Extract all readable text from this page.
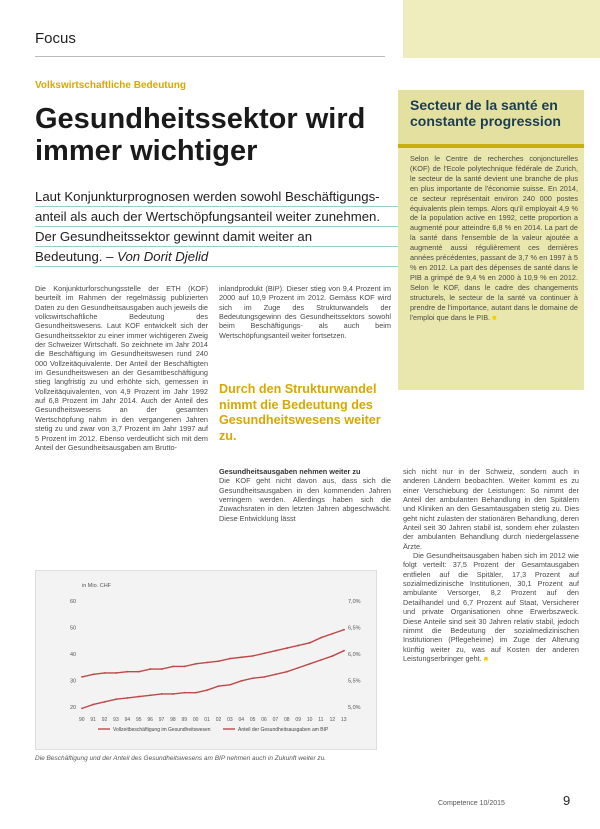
Focus
Volkswirtschaftliche Bedeutung
Gesundheitssektor wird immer wichtiger
Laut Konjunkturprognosen werden sowohl Beschäftigungs-
anteil als auch der Wertschöpfungsanteil weiter zunehmen.
Der Gesundheitssektor gewinnt damit weiter an
Bedeutung. – Von Dorit Djelid

Die Konjunkturforschungsstelle der ETH (KOF) beurteilt im Rahmen der regelmässig publizierten Daten zu den Gesundheitsausgaben auch jeweils die volkswirtschaftliche Bedeutung des Gesundheitswesens. Laut KOF entwickelt sich der Gesundheitssektor zu einer immer wichtigeren Zweig der Schweizer Wirtschaft. So zeichnete im Jahr 2014 die Beschäftigung im Gesundheitswesen rund 240 000 Vollzeitäquivalente. Der Anteil der Beschäftigten im Gesundheitswesen an der Gesamtbeschäftigung stieg langfristig zu und erhöhte sich, gemessen in Vollzeitäquivalenten, von 4,9 Prozent im Jahr 1992 auf 6,8 Prozent im Jahr 2014. Auch der Anteil des Gesundheitswesens an der gesamten Wertschöpfung nahm in den vergangenen Jahren stetig zu und zwar von 3,7 Prozent im Jahr 1997 auf 5 Prozent im 2012. Ebenso verdeutlicht sich mit dem Anteil der Gesundheitsausgaben am Brutto-

inlandprodukt (BIP). Dieser stieg von 9,4 Prozent im 2000 auf 10,9 Prozent im 2012. Gemäss KOF wird sich im Zuge des Strukturwandels der Bedeutungsgewinn des Gesundheitssektors sowohl beim Beschäftigungs- als auch beim Wertschöpfungsanteil weiter fortsetzen.

Durch den Strukturwandel nimmt die Bedeutung des Gesundheitswesens weiter zu.

Gesundheitsausgaben nehmen weiter zu

Die KOF geht nicht davon aus, dass sich die Gesundheitsausgaben in den kommenden Jahren verringern werden. Allerdings haben sich die Zuwachsraten in den letzten Jahren abgeschwächt. Diese Entwicklung lässt

Secteur de la santé en constante progression
Selon le Centre de recherches conjoncturelles (KOF) de l'Ecole polytechnique fédérale de Zurich, le secteur de la santé devient une branche de plus en plus importante de l'économie suisse. En 2014, ce secteur représentait environ 240 000 postes équivalents plein temps. Alors qu'il employait 4,9 % de la population active en 1992, cette proportion a augmenté pour atteindre 6,8 % en 2014. La part de la santé dans l'ensemble de la valeur ajoutée a augmenté aussi régulièrement ces dernières années précédentes, passant de 3,7 % en 1997 à 5 % en 2012. La part des dépenses de santé dans le PIB a grimpé de 9,4 % en 2000 à 10,9 % en 2012. Selon le KOF, dans le cadre des changements structurels, le secteur de la santé va continuer à prendre de l'importance, autant dans le domaine de l'emploi que dans le PIB. ■

sich nicht nur in der Schweiz, sondern auch in anderen Ländern beobachten. Weiter kommt es zu einer Verschiebung der Leistungen: So nimmt der Anteil der ambulanten Behandlung in den Spitälern und Kliniken an den Gesamtausgaben stetig zu. Dies geht nicht zulasten der stationären Behandlung, deren Anteil seit 30 Jahren stabil ist, sondern eher zulasten der ambulanten Behandlung durch niedergelassene Ärzte.

Die Gesundheitsausgaben haben sich im 2012 wie folgt verteilt: 37,5 Prozent der Gesamtausgaben entfielen auf die Spitäler, 17,3 Prozent auf sozialmedizinische Institutionen, 30,1 Prozent auf ambulante Versorger, 8,2 Prozent auf den Detailhandel und 6,7 Prozent auf Staat, Versicherer und private Organisationen ohne Erwerbszweck. Diese Anteile sind seit 30 Jahren relativ stabil, jedoch nimmt die Bedeutung der sozialmedizinischen Institutionen (Pflegeheime) im Zuge der Alterung künftig weiter zu, was auf Kosten der anderen Leistungserbringer geht. ■

in Mio. CHF
60
50
40
30
20
7,0%
6,5%
6,0%
5,5%
5,0%
90 91 92 93 94 95 96 97 98 99 00 01 02 03 04 05 06 07 08 09 10 11 12 13
Vollzeitbeschäftigung im Gesundheitswesen	Anteil der Gesundheitsausgaben am BIP
Die Beschäftigung und der Anteil des Gesundheitswesens am BIP nehmen auch in Zukunft weiter zu.
Competence 10/2015	9
